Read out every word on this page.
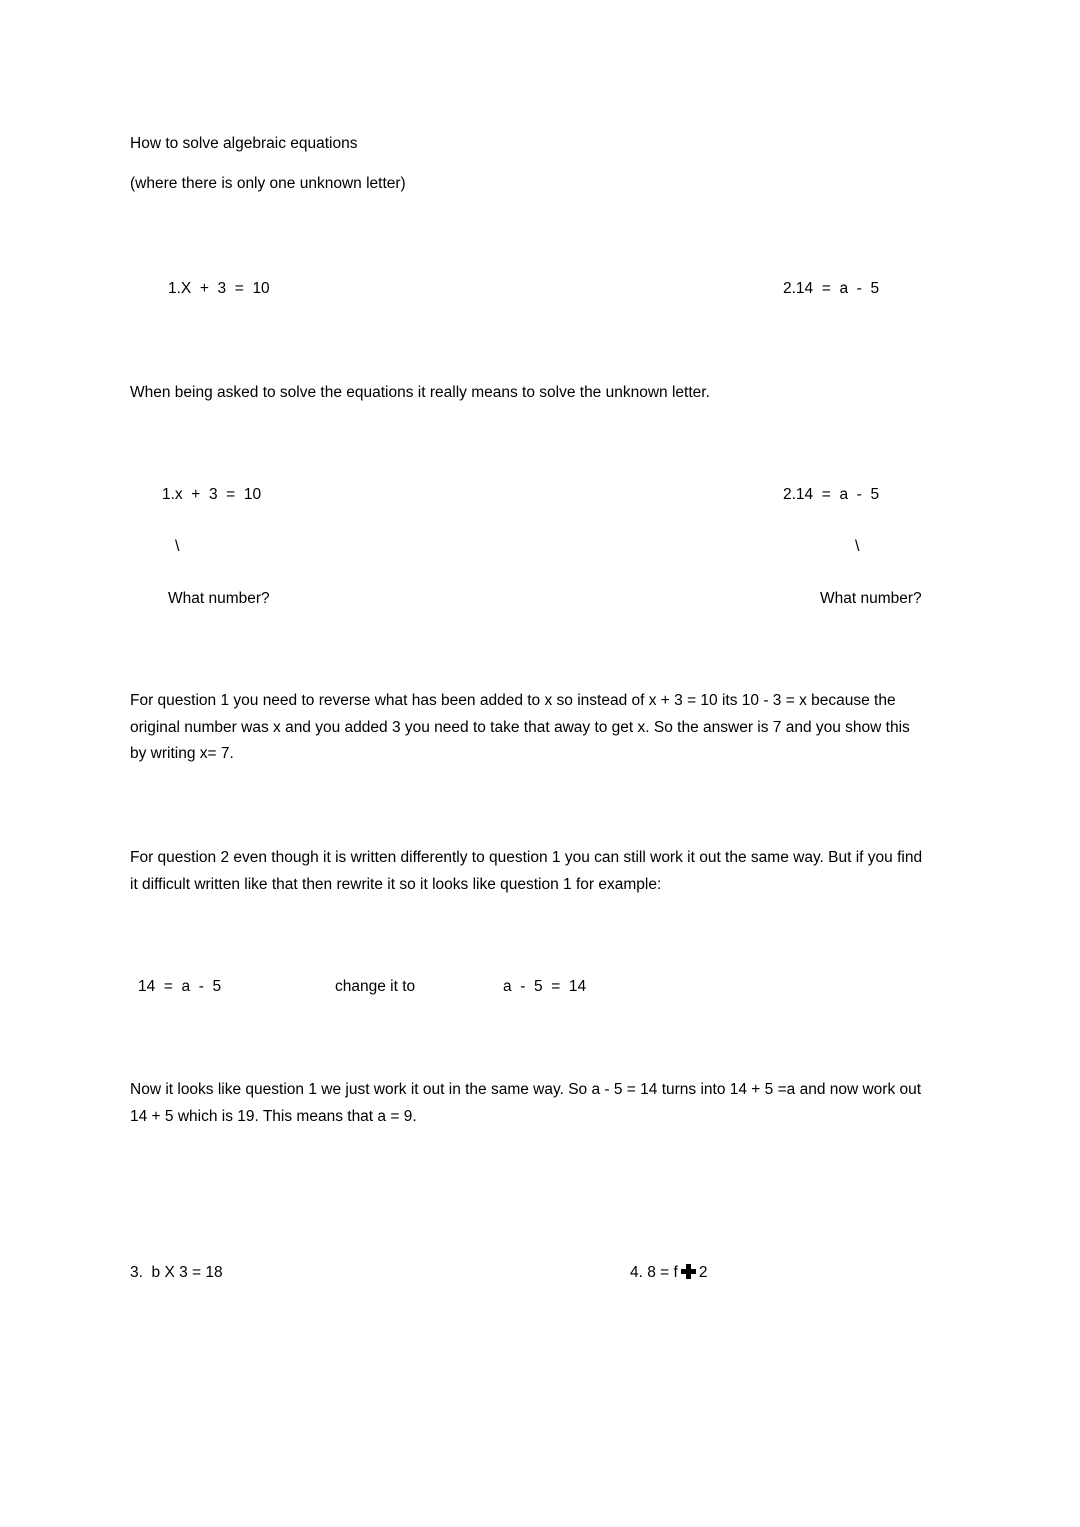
How to solve algebraic equations
(where there is only one unknown letter)
1.X  +  3  =  10	2.14  =  a  -  5
When being asked to solve the equations it really means to solve the unknown letter.
1.x  +  3  =  10	2.14  =  a  -  5
\	\
What number?	What number?
For question 1 you need to reverse what has been added to x so instead of x + 3 = 10 its 10 - 3 = x because the original number was x and you added 3 you need to take that away to get x. So the answer is 7 and you show this by writing x= 7.
For question 2 even though it is written differently to question 1 you can still work it out the same way. But if you find it difficult written like that then rewrite it so it looks like question 1 for example:
14  =  a  -  5	change it to	a  -  5  =  14
Now it looks like question 1 we just work it out in the same way. So a - 5 = 14 turns into 14 + 5 =a and now work out 14 + 5 which is 19. This means that a = 9.
3.  b X 3 = 18	4. 8 = f 2
